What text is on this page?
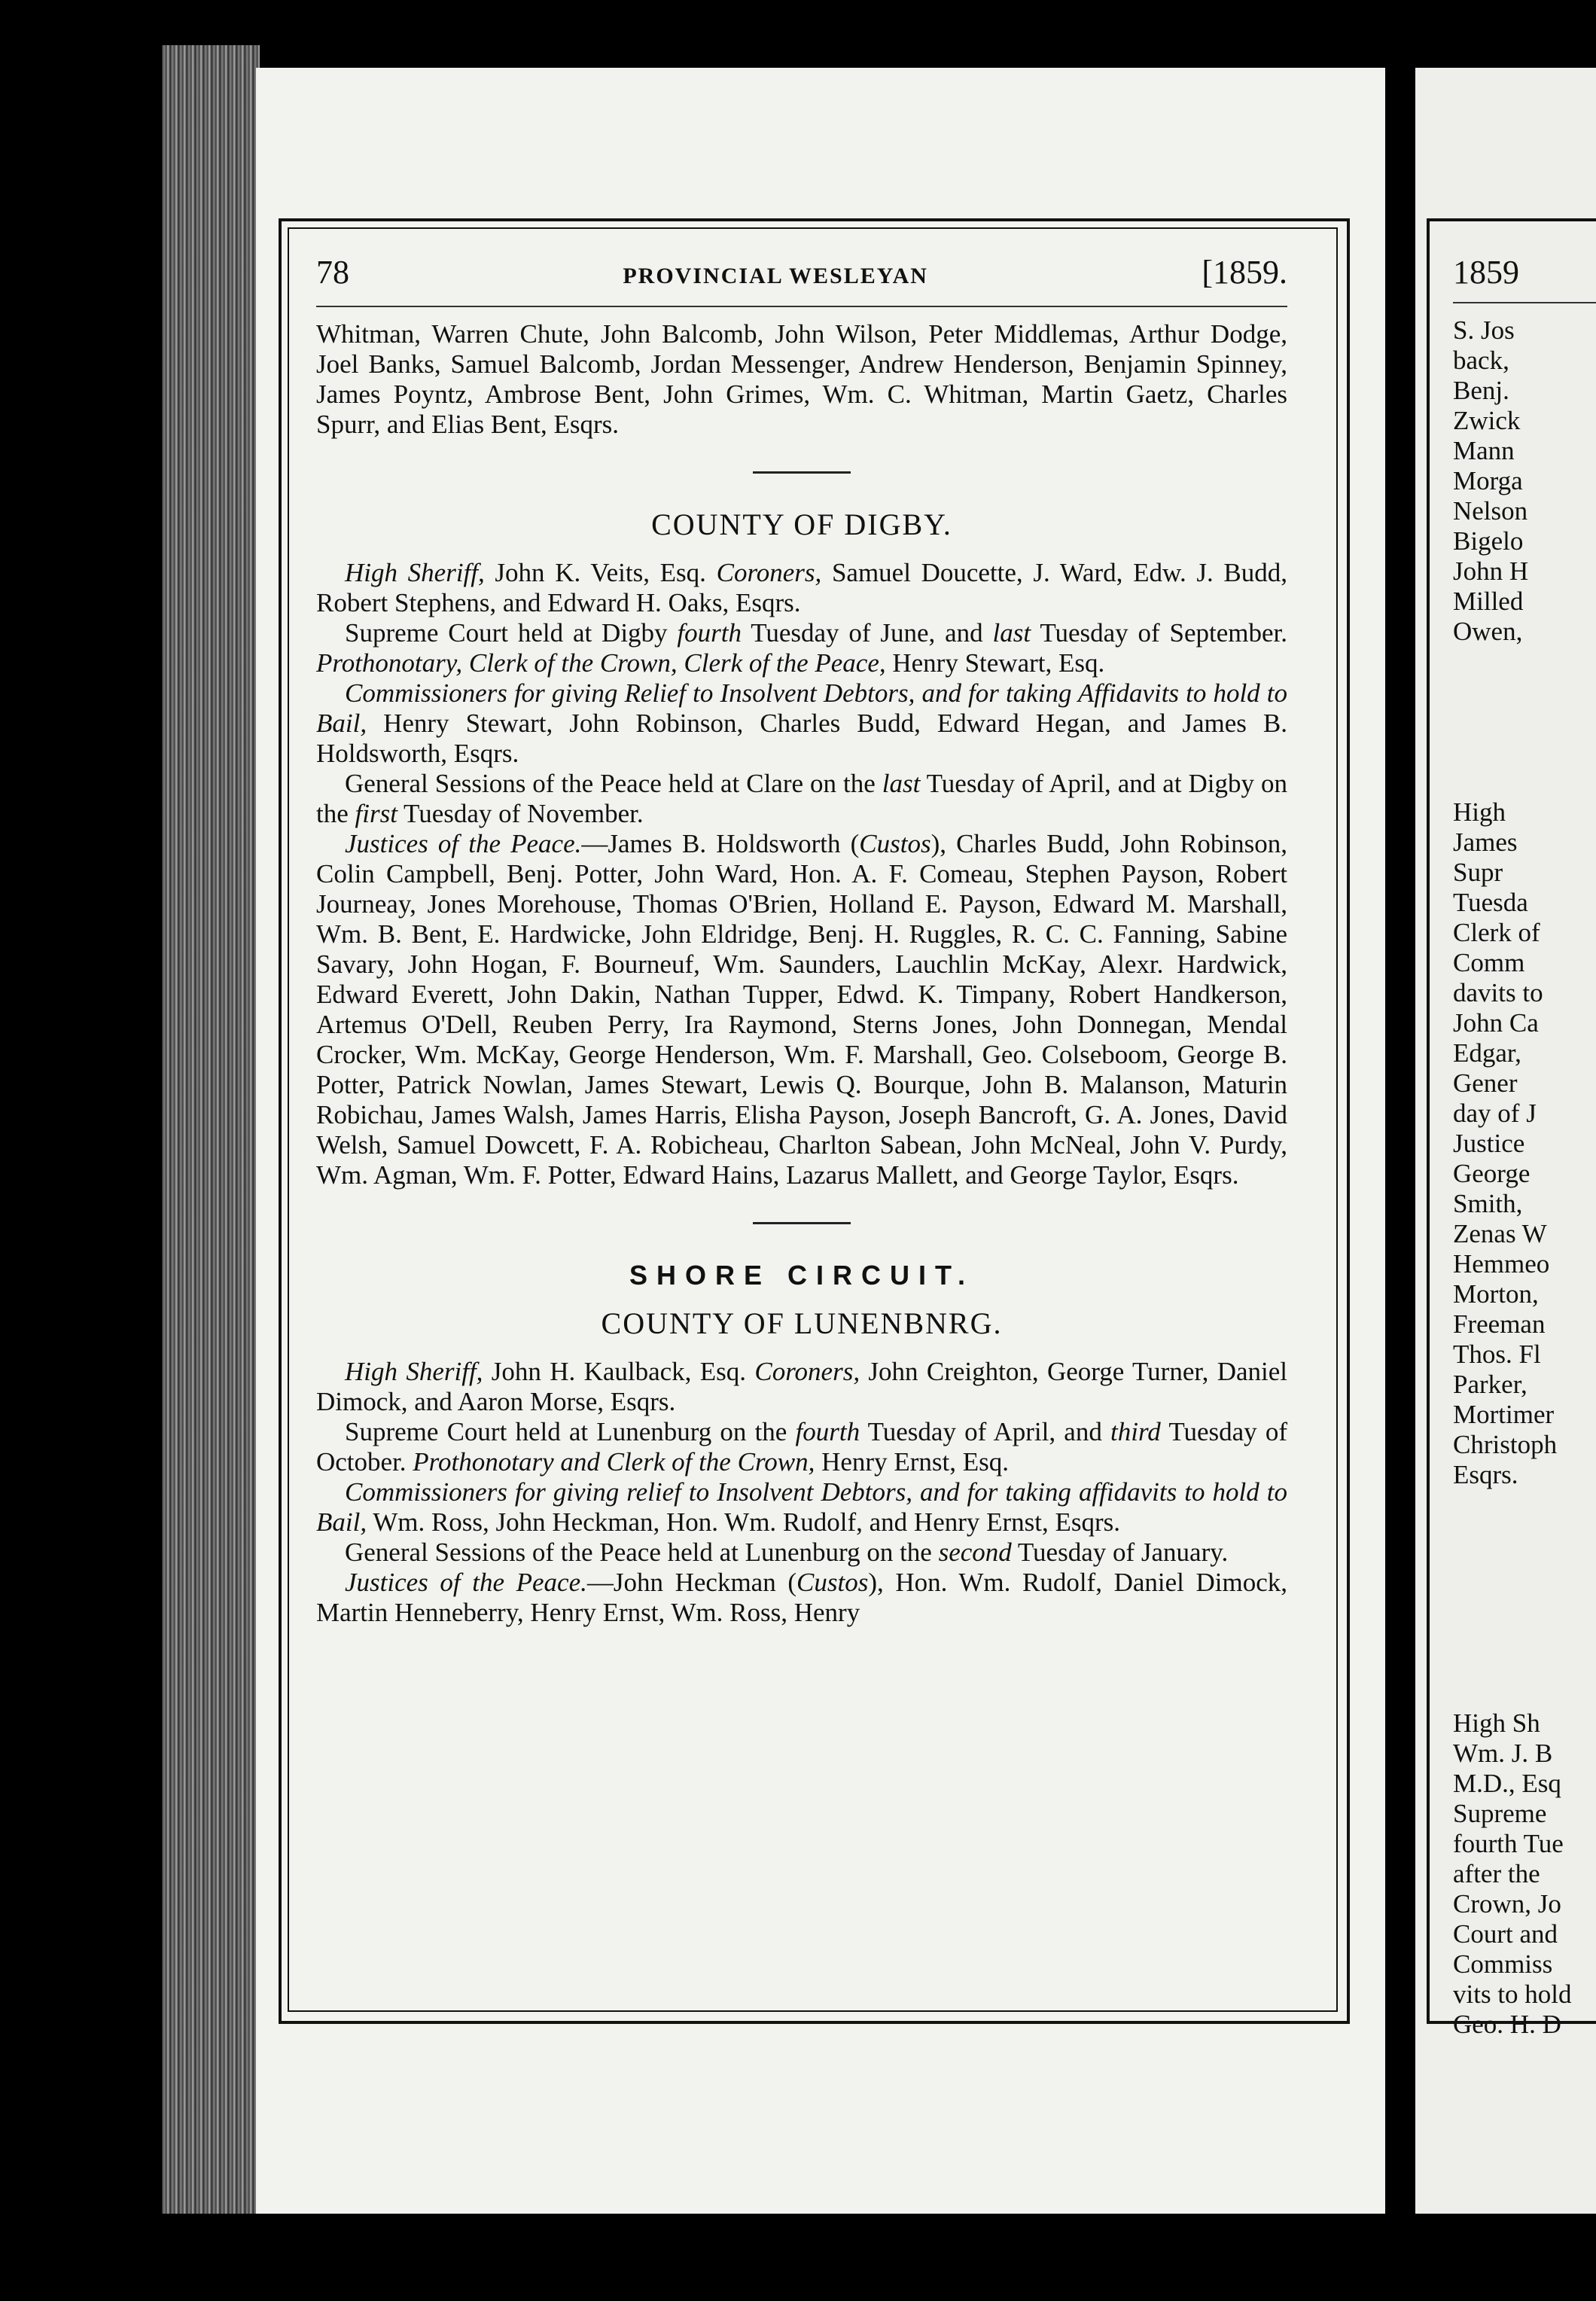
78	PROVINCIAL WESLEYAN	[1859.

Whitman, Warren Chute, John Balcomb, John Wilson, Peter Middlemas, Arthur Dodge, Joel Banks, Samuel Balcomb, Jordan Messenger, Andrew Henderson, Benjamin Spinney, James Poyntz, Ambrose Bent, John Grimes, Wm. C. Whitman, Martin Gaetz, Charles Spurr, and Elias Bent, Esqrs.

COUNTY OF DIGBY.

High Sheriff, John K. Veits, Esq. Coroners, Samuel Doucette, J. Ward, Edw. J. Budd, Robert Stephens, and Edward H. Oaks, Esqrs.

Supreme Court held at Digby fourth Tuesday of June, and last Tuesday of September. Prothonotary, Clerk of the Crown, Clerk of the Peace, Henry Stewart, Esq.

Commissioners for giving Relief to Insolvent Debtors, and for taking Affidavits to hold to Bail, Henry Stewart, John Robinson, Charles Budd, Edward Hegan, and James B. Holdsworth, Esqrs.

General Sessions of the Peace held at Clare on the last Tuesday of April, and at Digby on the first Tuesday of November.

Justices of the Peace.—James B. Holdsworth (Custos), Charles Budd, John Robinson, Colin Campbell, Benj. Potter, John Ward, Hon. A. F. Comeau, Stephen Payson, Robert Journeay, Jones Morehouse, Thomas O'Brien, Holland E. Payson, Edward M. Marshall, Wm. B. Bent, E. Hardwicke, John Eldridge, Benj. H. Ruggles, R. C. C. Fanning, Sabine Savary, John Hogan, F. Bourneuf, Wm. Saunders, Lauchlin McKay, Alexr. Hardwick, Edward Everett, John Dakin, Nathan Tupper, Edwd. K. Timpany, Robert Handkerson, Artemus O'Dell, Reuben Perry, Ira Raymond, Sterns Jones, John Donnegan, Mendal Crocker, Wm. McKay, George Henderson, Wm. F. Marshall, Geo. Colseboom, George B. Potter, Patrick Nowlan, James Stewart, Lewis Q. Bourque, John B. Malanson, Maturin Robichau, James Walsh, James Harris, Elisha Payson, Joseph Bancroft, G. A. Jones, David Welsh, Samuel Dowcett, F. A. Robicheau, Charlton Sabean, John McNeal, John V. Purdy, Wm. Agman, Wm. F. Potter, Edward Hains, Lazarus Mallett, and George Taylor, Esqrs.

SHORE CIRCUIT.

COUNTY OF LUNENBNRG.

High Sheriff, John H. Kaulback, Esq. Coroners, John Creighton, George Turner, Daniel Dimock, and Aaron Morse, Esqrs.

Supreme Court held at Lunenburg on the fourth Tuesday of April, and third Tuesday of October. Prothonotary and Clerk of the Crown, Henry Ernst, Esq.

Commissioners for giving relief to Insolvent Debtors, and for taking affidavits to hold to Bail, Wm. Ross, John Heckman, Hon. Wm. Rudolf, and Henry Ernst, Esqrs.

General Sessions of the Peace held at Lunenburg on the second Tuesday of January.

Justices of the Peace.—John Heckman (Custos), Hon. Wm. Rudolf, Daniel Dimock, Martin Henneberry, Henry Ernst, Wm. Ross, Henry

1859
S. Jos
back,
Benj.
Zwick
Mann
Morga
Nelson
Bigelo
John H
Milled
Owen,
High
James
Supr
Tuesda
Clerk of
Comm
davits to
John Ca
Edgar,
Gener
day of J
Justice
George
Smith,
Zenas W
Hemmeo
Morton,
Freeman
Thos. Fl
Parker,
Mortimer
Christoph
Esqrs.
High Sh
Wm. J. B
M.D., Esq
Supreme
fourth Tue
after the
Crown, Jo
Court and
Commiss
vits to hold
Geo. H. D
